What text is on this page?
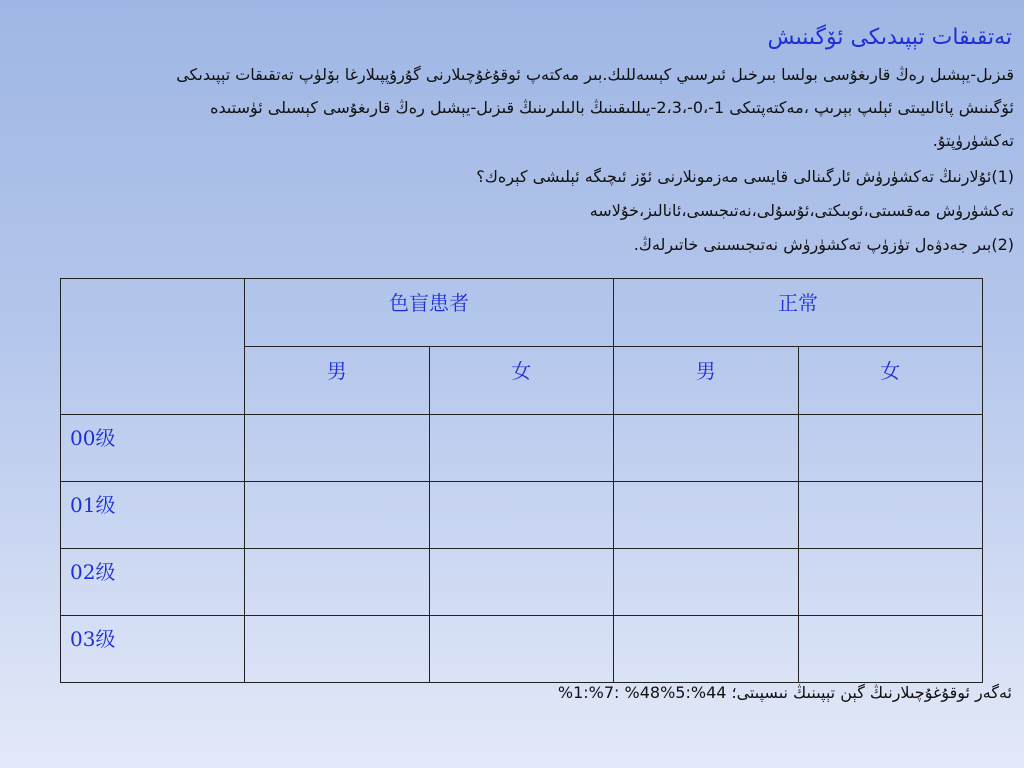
تەتقىقات تېپىدىكى ئۆگىنىش

قىزىل-يېشىل رەڭ قارىغۇسى بولسا بىرخىل ئىرسىي كېسەللىك.بىر مەكتەپ ئوقۇغۇچىلارنى گۇرۇپپىلارغا بۆلۈپ تەتقىقات تېپىدىكى

ئۆگىنىش پائالىيىتى ئېلىپ بېرىپ ،مەكتەپتىكى 1-،0-،2،3-يىللىقىنىڭ بالىلىرىنىڭ قىزىل-يېشىل رەڭ قارىغۇسى كېسىلى ئۈستىدە

تەكشۈرۈپتۇ.

(1)ئۇلارنىڭ تەكشۈرۈش ئارگىنالى قايسى مەزمونلارنى ئۆز ئىچىگە ئېلىشى كېرەك؟
تەكشۈرۈش مەقسىتى،ئوبىكتى،ئۇسۇلى،نەتىجىسى،ئانالىز،خۇلاسە
(2)بىر جەدۋەل تۈزۈپ تەكشۈرۈش نەتىجىسىنى خاتىرلەڭ.
	色盲患者		正常	
	男	女	男	女
00级				
01级				
02级				
03级				
ئەگەر ئوقۇغۇچىلارنىڭ گېن تېپىنىڭ نىسپىتى؛ 44%:5%48% :7%:1%
